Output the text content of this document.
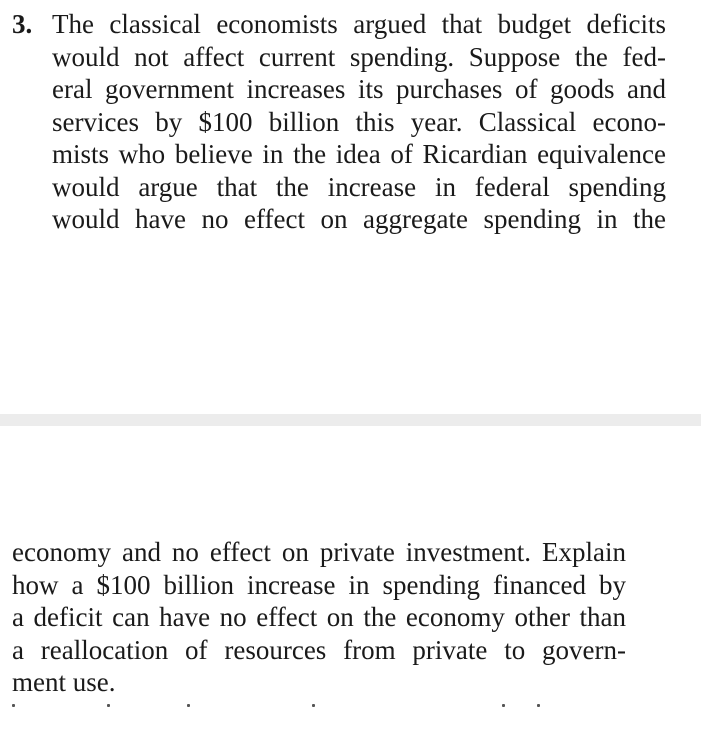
3. The classical economists argued that budget deficits
would not affect current spending. Suppose the fed-
eral government increases its purchases of goods and
services by $100 billion this year. Classical econo-
mists who believe in the idea of Ricardian equivalence
would argue that the increase in federal spending
would have no effect on aggregate spending in the
economy and no effect on private investment. Explain
how a $100 billion increase in spending financed by
a deficit can have no effect on the economy other than
a reallocation of resources from private to govern-
ment use.
